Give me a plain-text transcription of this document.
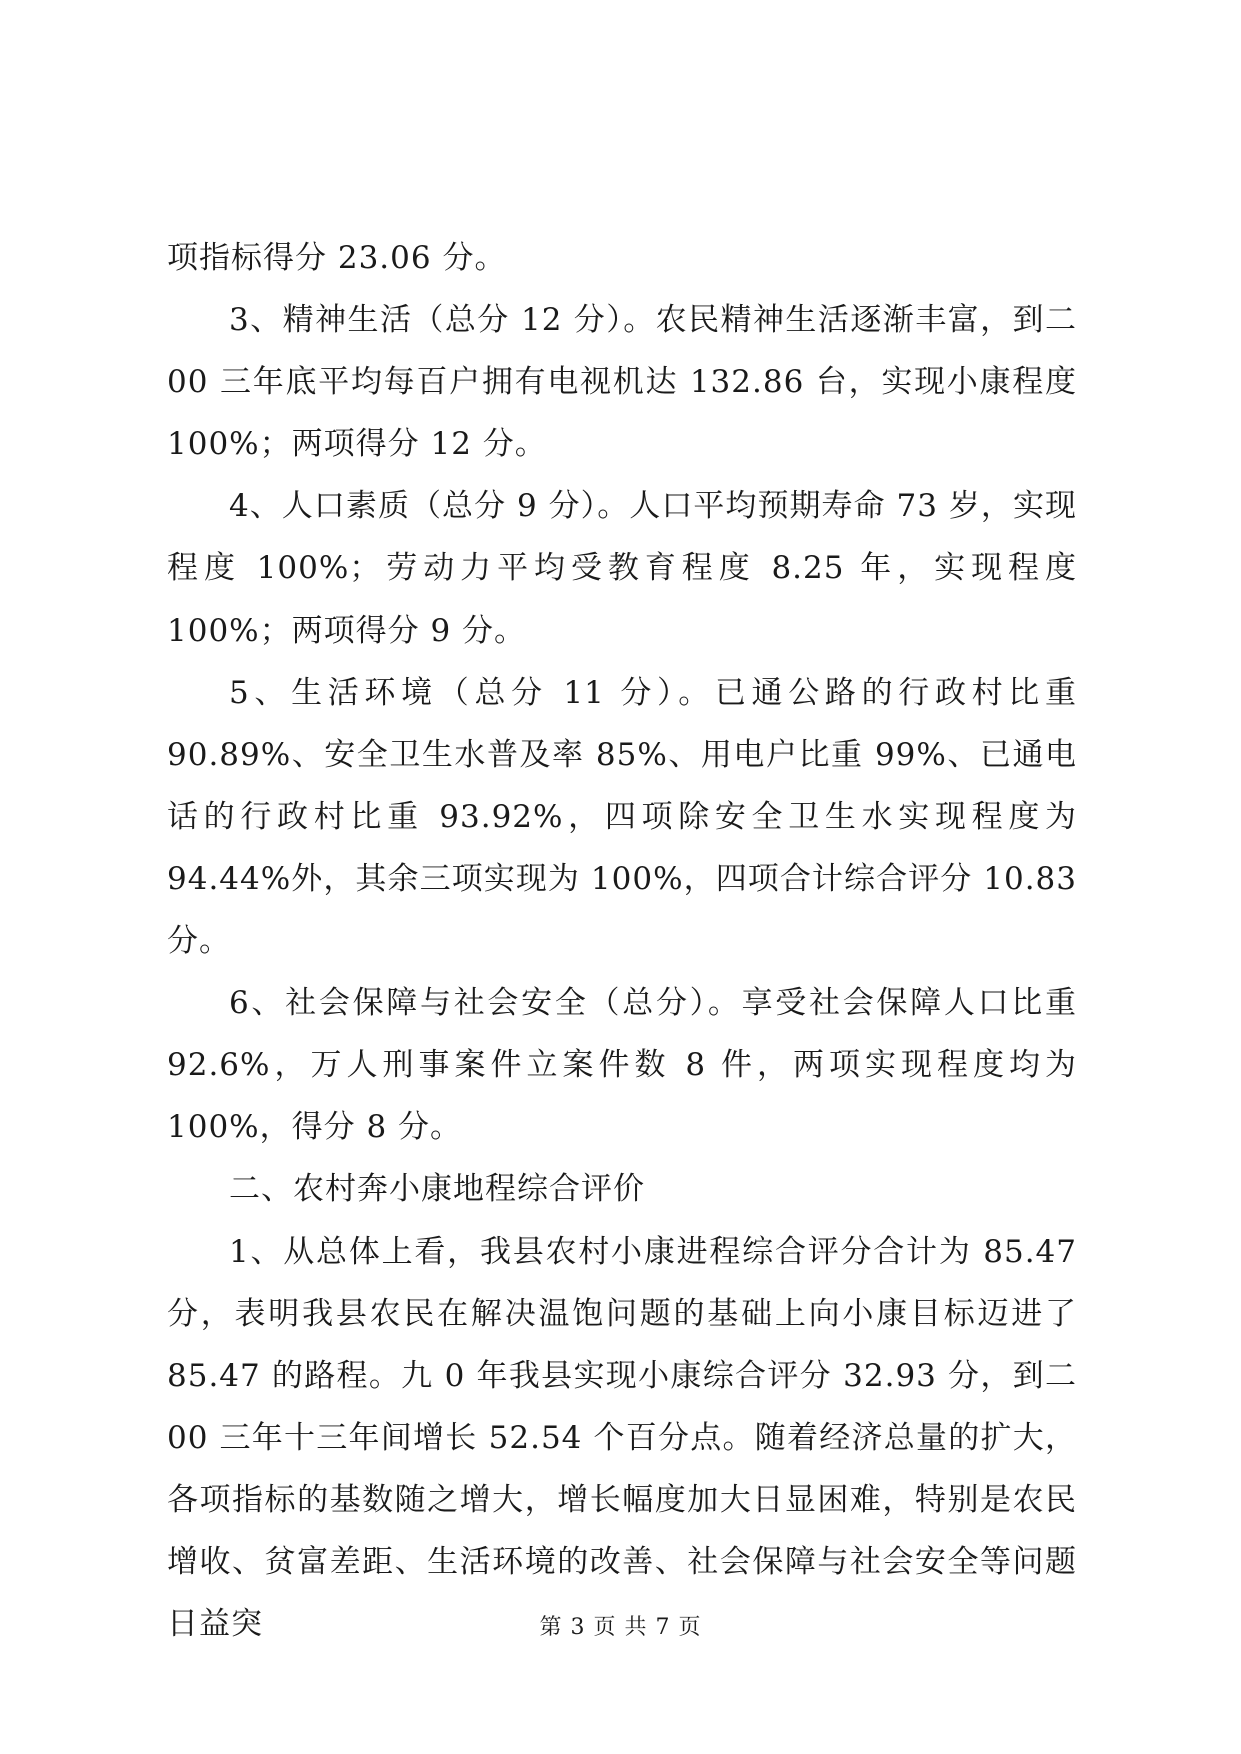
项指标得分 23.06 分。

3、精神生活（总分 12 分）。农民精神生活逐渐丰富，到二 00 三年底平均每百户拥有电视机达 132.86 台，实现小康程度 100%；两项得分 12 分。

4、人口素质（总分 9 分）。人口平均预期寿命 73 岁，实现程度 100%；劳动力平均受教育程度 8.25 年，实现程度 100%；两项得分 9 分。

5、生活环境（总分 11 分）。已通公路的行政村比重 90.89%、安全卫生水普及率 85%、用电户比重 99%、已通电话的行政村比重 93.92%，四项除安全卫生水实现程度为 94.44%外，其余三项实现为 100%，四项合计综合评分 10.83 分。

6、社会保障与社会安全（总分）。享受社会保障人口比重 92.6%，万人刑事案件立案件数 8 件，两项实现程度均为 100%，得分 8 分。

二、农村奔小康地程综合评价

1、从总体上看，我县农村小康进程综合评分合计为 85.47 分，表明我县农民在解决温饱问题的基础上向小康目标迈进了 85.47 的路程。九 0 年我县实现小康综合评分 32.93 分，到二 00 三年十三年间增长 52.54 个百分点。随着经济总量的扩大，各项指标的基数随之增大，增长幅度加大日显困难，特别是农民增收、贫富差距、生活环境的改善、社会保障与社会安全等问题日益突	第 3 页 共 7 页
